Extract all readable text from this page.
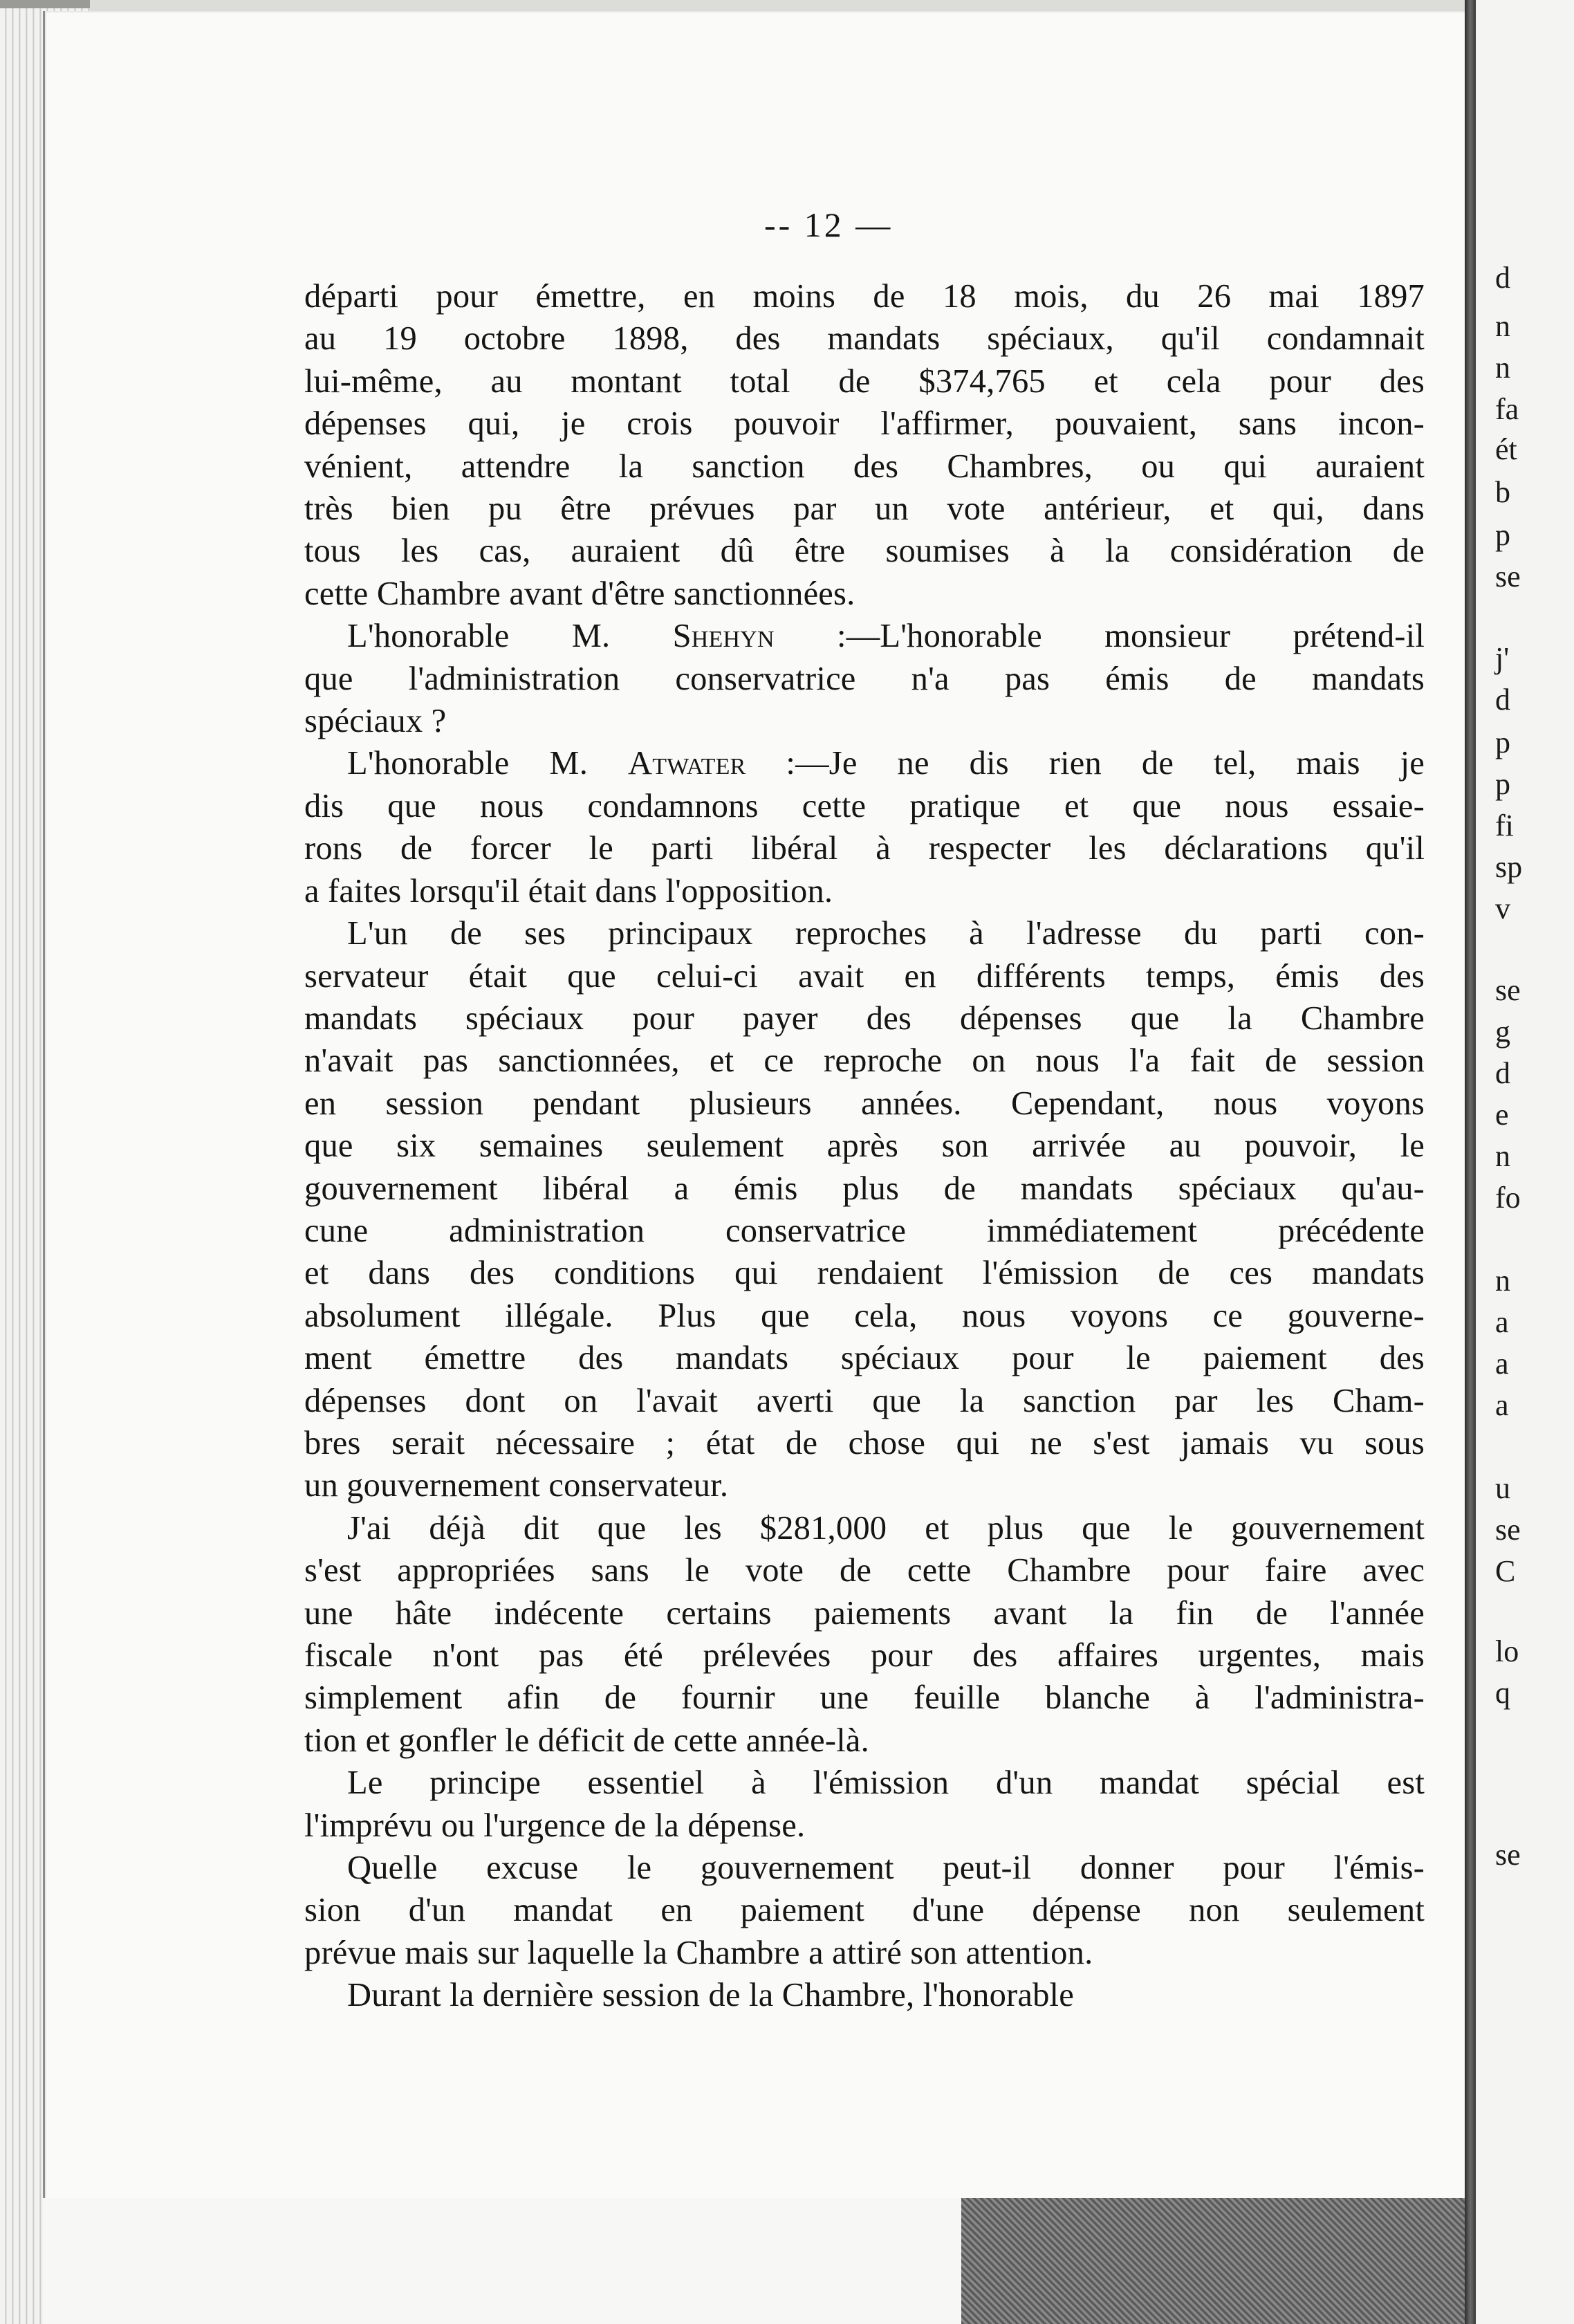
d
n
n
fa
ét
b
p
se
j'
d
p
p
fi
sp
v
se
g
d
e
n
fo
n
a
a
a
u
se
C
lo
q
se
-- 12 —
départi pour émettre, en moins de 18 mois, du 26 mai 1897
au 19 octobre 1898, des mandats spéciaux, qu'il condamnait
lui-même, au montant total de $374,765 et cela pour des
dépenses qui, je crois pouvoir l'affirmer, pouvaient, sans incon-
vénient, attendre la sanction des Chambres, ou qui auraient
très bien pu être prévues par un vote antérieur, et qui, dans
tous les cas, auraient dû être soumises à la considération de
cette Chambre avant d'être sanctionnées.
L'honorable M. Shehyn :—L'honorable monsieur prétend-il
que l'administration conservatrice n'a pas émis de mandats
spéciaux ?
L'honorable M. Atwater :—Je ne dis rien de tel, mais je
dis que nous condamnons cette pratique et que nous essaie-
rons de forcer le parti libéral à respecter les déclarations qu'il
a faites lorsqu'il était dans l'opposition.
L'un de ses principaux reproches à l'adresse du parti con-
servateur était que celui-ci avait en différents temps, émis des
mandats spéciaux pour payer des dépenses que la Chambre
n'avait pas sanctionnées, et ce reproche on nous l'a fait de session
en session pendant plusieurs années. Cependant, nous voyons
que six semaines seulement après son arrivée au pouvoir, le
gouvernement libéral a émis plus de mandats spéciaux qu'au-
cune administration conservatrice immédiatement précédente
et dans des conditions qui rendaient l'émission de ces mandats
absolument illégale. Plus que cela, nous voyons ce gouverne-
ment émettre des mandats spéciaux pour le paiement des
dépenses dont on l'avait averti que la sanction par les Cham-
bres serait nécessaire ; état de chose qui ne s'est jamais vu sous
un gouvernement conservateur.
J'ai déjà dit que les $281,000 et plus que le gouvernement
s'est appropriées sans le vote de cette Chambre pour faire avec
une hâte indécente certains paiements avant la fin de l'année
fiscale n'ont pas été prélevées pour des affaires urgentes, mais
simplement afin de fournir une feuille blanche à l'administra-
tion et gonfler le déficit de cette année-là.
Le principe essentiel à l'émission d'un mandat spécial est
l'imprévu ou l'urgence de la dépense.
Quelle excuse le gouvernement peut-il donner pour l'émis-
sion d'un mandat en paiement d'une dépense non seulement
prévue mais sur laquelle la Chambre a attiré son attention.
Durant la dernière session de la Chambre, l'honorable
